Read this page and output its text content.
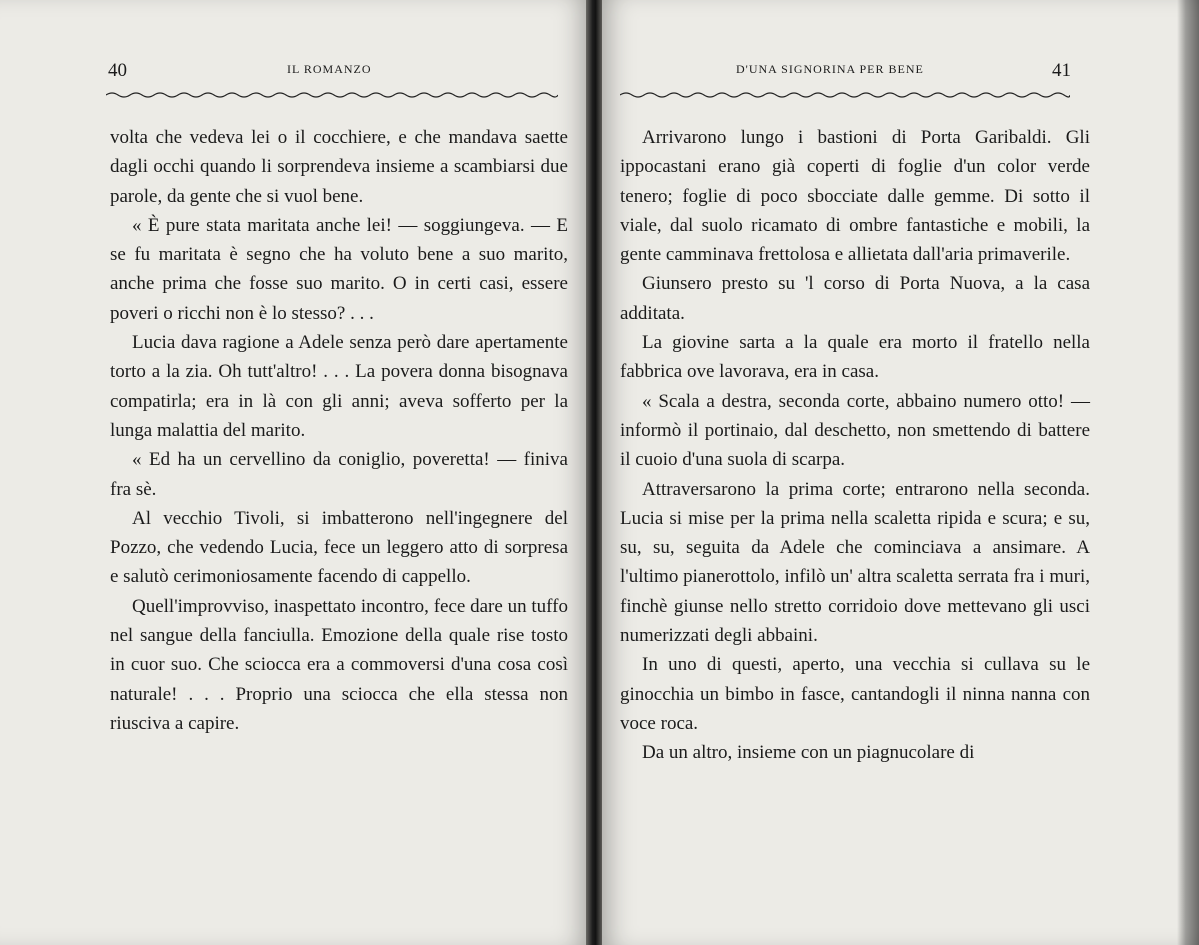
40	IL ROMANZO

volta che vedeva lei o il cocchiere, e che mandava saette dagli occhi quando li sorprendeva insieme a scambiarsi due parole, da gente che si vuol bene.

« È pure stata maritata anche lei! — soggiungeva. — E se fu maritata è segno che ha voluto bene a suo marito, anche prima che fosse suo marito. O in certi casi, essere poveri o ricchi non è lo stesso? . . .

Lucia dava ragione a Adele senza però dare apertamente torto a la zia. Oh tutt'altro! . . . La povera donna bisognava compatirla; era in là con gli anni; aveva sofferto per la lunga malattia del marito.

« Ed ha un cervellino da coniglio, poveretta! — finiva fra sè.

Al vecchio Tivoli, si imbatterono nell'ingegnere del Pozzo, che vedendo Lucia, fece un leggero atto di sorpresa e salutò cerimoniosamente facendo di cappello.

Quell'improvviso, inaspettato incontro, fece dare un tuffo nel sangue della fanciulla. Emozione della quale rise tosto in cuor suo. Che sciocca era a commoversi d'una cosa così naturale! . . . Proprio una sciocca che ella stessa non riusciva a capire.

D'UNA SIGNORINA PER BENE	41

Arrivarono lungo i bastioni di Porta Garibaldi. Gli ippocastani erano già coperti di foglie d'un color verde tenero; foglie di poco sbocciate dalle gemme. Di sotto il viale, dal suolo ricamato di ombre fantastiche e mobili, la gente camminava frettolosa e allietata dall'aria primaverile.

Giunsero presto su 'l corso di Porta Nuova, a la casa additata.

La giovine sarta a la quale era morto il fratello nella fabbrica ove lavorava, era in casa.

« Scala a destra, seconda corte, abbaino numero otto! — informò il portinaio, dal deschetto, non smettendo di battere il cuoio d'una suola di scarpa.

Attraversarono la prima corte; entrarono nella seconda. Lucia si mise per la prima nella scaletta ripida e scura; e su, su, su, seguita da Adele che cominciava a ansimare. A l'ultimo pianerottolo, infilò un' altra scaletta serrata fra i muri, finchè giunse nello stretto corridoio dove mettevano gli usci numerizzati degli abbaini.

In uno di questi, aperto, una vecchia si cullava su le ginocchia un bimbo in fasce, cantandogli il ninna nanna con voce roca.

Da un altro, insieme con un piagnucolare di
